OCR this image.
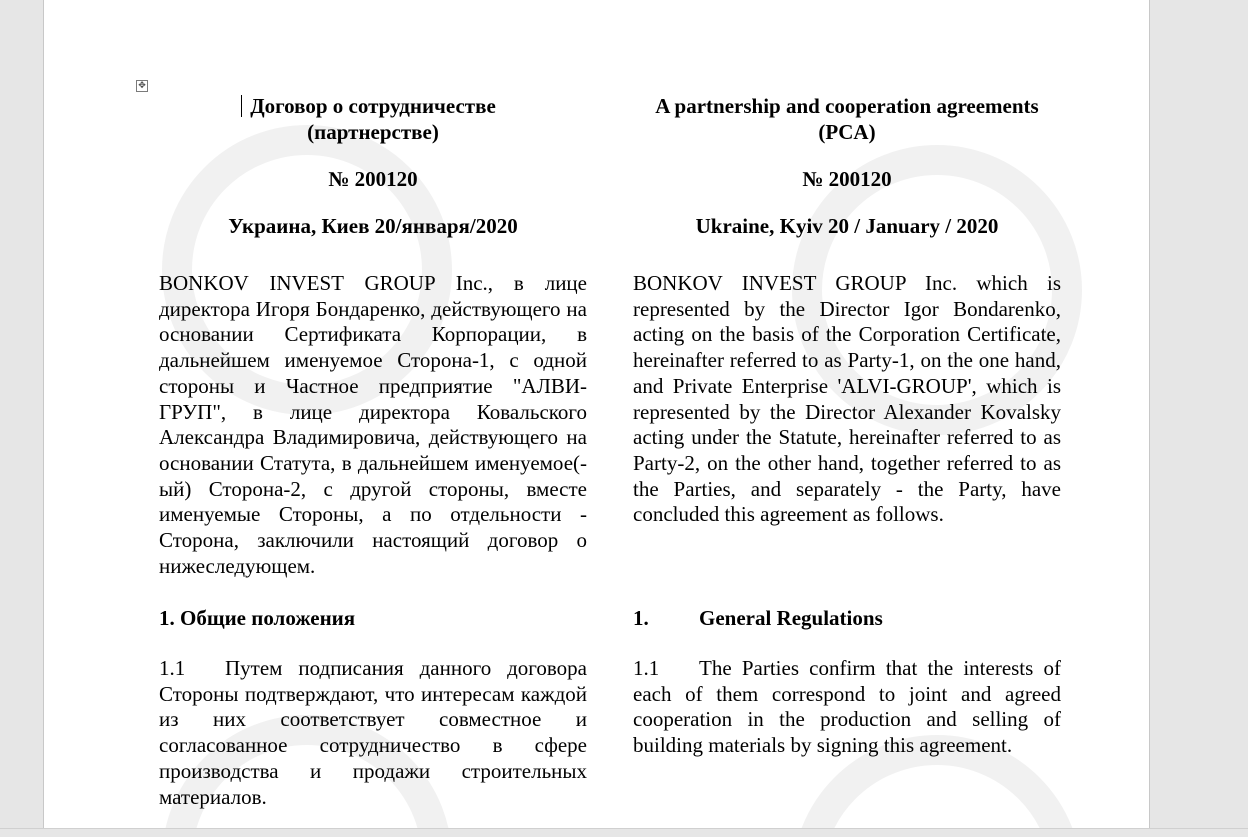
✥

Договор о сотрудничестве
(партнерстве)

№ 200120

Украина, Киев 20/января/2020

BONKOV INVEST GROUP Inc., в лице директора Игоря Бондаренко, действующего на основании Сертификата Корпорации, в дальнейшем именуемое Сторона-1, с одной стороны и Частное предприятие "АЛВИ-ГРУП", в лице директора Ковальского Александра Владимировича, действующего на основании Статута, в дальнейшем именуемое(-ый) Сторона-2, с другой стороны, вместе именуемые Стороны, а по отдельности - Сторона, заключили настоящий договор о нижеследующем.

1. Общие положения

1.1 Путем подписания данного договора Стороны подтверждают, что интересам каждой из них соответствует совместное и согласованное сотрудничество в сфере производства и продажи строительных материалов.

A partnership and cooperation agreements
(PCA)

№ 200120

Ukraine, Kyiv 20 / January / 2020

BONKOV INVEST GROUP Inc. which is represented by the Director Igor Bondarenko, acting on the basis of the Corporation Certificate, hereinafter referred to as Party-1, on the one hand, and Private Enterprise 'ALVI-GROUP', which is represented by the Director Alexander Kovalsky acting under the Statute, hereinafter referred to as Party-2, on the other hand, together referred to as the Parties, and separately - the Party, have concluded this agreement as follows.

1. General Regulations

1.1 The Parties confirm that the interests of each of them correspond to joint and agreed cooperation in the production and selling of building materials by signing this agreement.
